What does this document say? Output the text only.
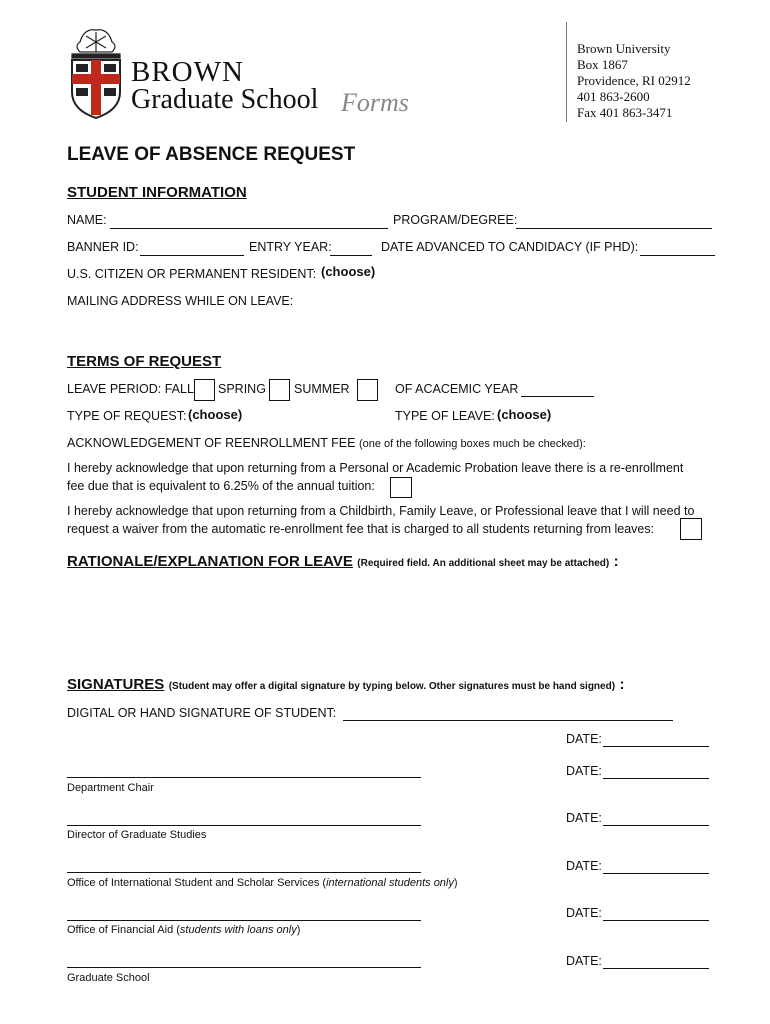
BROWN
Graduate School Forms
Brown University
Box 1867
Providence, RI 02912
401 863-2600
Fax 401 863-3471
LEAVE OF ABSENCE REQUEST
STUDENT INFORMATION
NAME:	PROGRAM/DEGREE:
BANNER ID:	ENTRY YEAR:	DATE ADVANCED TO CANDIDACY (IF PHD):
U.S. CITIZEN OR PERMANENT RESIDENT: (choose)
MAILING ADDRESS WHILE ON LEAVE:
TERMS OF REQUEST
LEAVE PERIOD: FALL SPRING SUMMER	OF ACACEMIC YEAR
TYPE OF REQUEST: (choose)	TYPE OF LEAVE: (choose)
ACKNOWLEDGEMENT OF REENROLLMENT FEE (one of the following boxes much be checked):
I hereby acknowledge that upon returning from a Personal or Academic Probation leave there is a re-enrollment
fee due that is equivalent to 6.25% of the annual tuition:
I hereby acknowledge that upon returning from a Childbirth, Family Leave, or Professional leave that I will need to
request a waiver from the automatic re-enrollment fee that is charged to all students returning from leaves:
RATIONALE/EXPLANATION FOR LEAVE (Required field. An additional sheet may be attached) :
SIGNATURES (Student may offer a digital signature by typing below. Other signatures must be hand signed) :
DIGITAL OR HAND SIGNATURE OF STUDENT:
DATE:
DATE:
Department Chair
DATE:
Director of Graduate Studies
DATE:
Office of International Student and Scholar Services (international students only)
DATE:
Office of Financial Aid (students with loans only)
DATE:
Graduate School
